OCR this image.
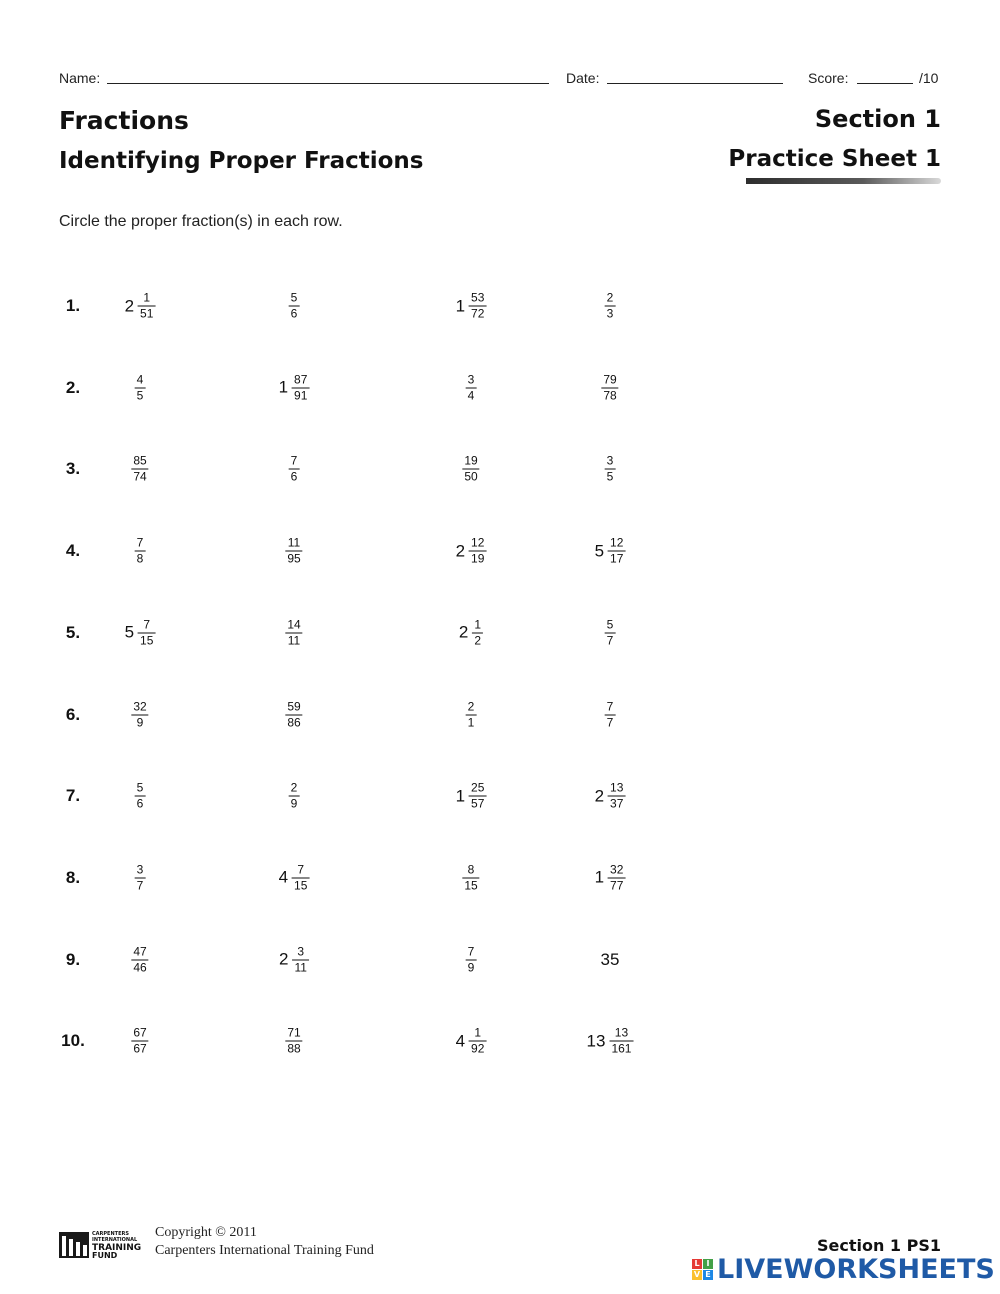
Name:	Date:	Score:	/10
Fractions
Identifying Proper Fractions
Section 1
Practice Sheet 1
Circle the proper fraction(s) in each row.
1.	$2 \frac{1}{51}$	$\frac{5}{6}$	$1 \frac{53}{72}$	$\frac{2}{3}$
2.	$\frac{4}{5}$	$1 \frac{87}{91}$	$\frac{3}{4}$	$\frac{79}{78}$
3.	$\frac{85}{74}$	$\frac{7}{6}$	$\frac{19}{50}$	$\frac{3}{5}$
4.	$\frac{7}{8}$	$\frac{11}{95}$	$2 \frac{12}{19}$	$5 \frac{12}{17}$
5.	$5 \frac{7}{15}$	$\frac{14}{11}$	$2 \frac{1}{2}$	$\frac{5}{7}$
6.	$\frac{32}{9}$	$\frac{59}{86}$	$\frac{2}{1}$	$\frac{7}{7}$
7.	$\frac{5}{6}$	$\frac{2}{9}$	$1 \frac{25}{57}$	$2 \frac{13}{37}$
8.	$\frac{3}{7}$	$4 \frac{7}{15}$	$\frac{8}{15}$	$1 \frac{32}{77}$
9.	$\frac{47}{46}$	$2 \frac{3}{11}$	$\frac{7}{9}$	35
10.	$\frac{67}{67}$	$\frac{71}{88}$	$4 \frac{1}{92}$	$13 \frac{13}{161}$
CARPENTERS
INTERNATIONAL
TRAINING
FUND
Copyright © 2011
Carpenters International Training Fund	Section 1 PS1
L I
V E LIVEWORKSHEETS
